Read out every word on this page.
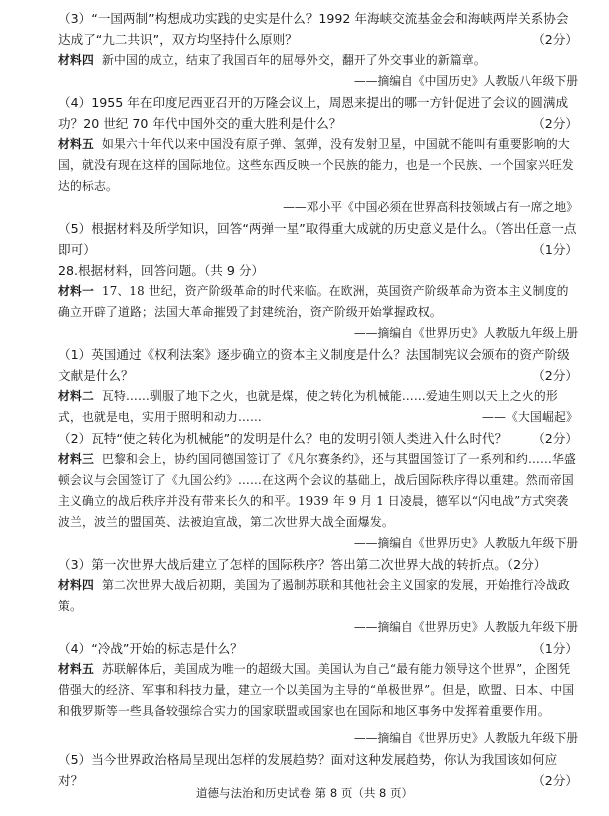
（3）“一国两制”构想成功实践的史实是什么？1992 年海峡交流基金会和海峡两岸关系协会达成了“九二共识”，双方均坚持什么原则？	（2分）

材料四 新中国的成立，结束了我国百年的屈辱外交，翻开了外交事业的新篇章。

——摘编自《中国历史》人教版八年级下册

（4）1955 年在印度尼西亚召开的万隆会议上，周恩来提出的哪一方针促进了会议的圆满成功？20 世纪 70 年代中国外交的重大胜利是什么？	（2分）

材料五 如果六十年代以来中国没有原子弹、氢弹，没有发射卫星，中国就不能叫有重要影响的大国，就没有现在这样的国际地位。这些东西反映一个民族的能力，也是一个民族、一个国家兴旺发达的标志。

——邓小平《中国必须在世界高科技领域占有一席之地》

（5）根据材料及所学知识，回答“两弹一星”取得重大成就的历史意义是什么。（答出任意一点即可）	（1分）

28.根据材料，回答问题。（共 9 分）

材料一 17、18 世纪，资产阶级革命的时代来临。在欧洲，英国资产阶级革命为资本主义制度的确立开辟了道路；法国大革命摧毁了封建统治，资产阶级开始掌握政权。

——摘编自《世界历史》人教版九年级上册

（1）英国通过《权利法案》逐步确立的资本主义制度是什么？法国制宪议会颁布的资产阶级文献是什么？	（2分）

材料二 瓦特……驯服了地下之火，也就是煤，使之转化为机械能……爱迪生则以天上之火的形式，也就是电，实用于照明和动力……	——《大国崛起》

（2）瓦特“使之转化为机械能”的发明是什么？电的发明引领人类进入什么时代？ （2分）

材料三 巴黎和会上，协约国同德国签订了《凡尔赛条约》，还与其盟国签订了一系列和约……华盛顿会议与会国签订了《九国公约》……在这两个会议的基础上，战后国际秩序得以重建。然而帝国主义确立的战后秩序并没有带来长久的和平。1939 年 9 月 1 日凌晨，德军以“闪电战”方式突袭波兰，波兰的盟国英、法被迫宣战，第二次世界大战全面爆发。

——摘编自《世界历史》人教版九年级下册

（3）第一次世界大战后建立了怎样的国际秩序？答出第二次世界大战的转折点。（2分）

材料四 第二次世界大战后初期，美国为了遏制苏联和其他社会主义国家的发展，开始推行冷战政策。

——摘编自《世界历史》人教版九年级下册

（4）“冷战”开始的标志是什么？	（1分）

材料五 苏联解体后，美国成为唯一的超级大国。美国认为自己“最有能力领导这个世界”，企图凭借强大的经济、军事和科技力量，建立一个以美国为主导的“单极世界”。但是，欧盟、日本、中国和俄罗斯等一些具备较强综合实力的国家联盟或国家也在国际和地区事务中发挥着重要作用。

——摘编自《世界历史》人教版九年级下册

（5）当今世界政治格局呈现出怎样的发展趋势？面对这种发展趋势，你认为我国该如何应对？	（2分）

道德与法治和历史试卷 第 8 页（共 8 页）
